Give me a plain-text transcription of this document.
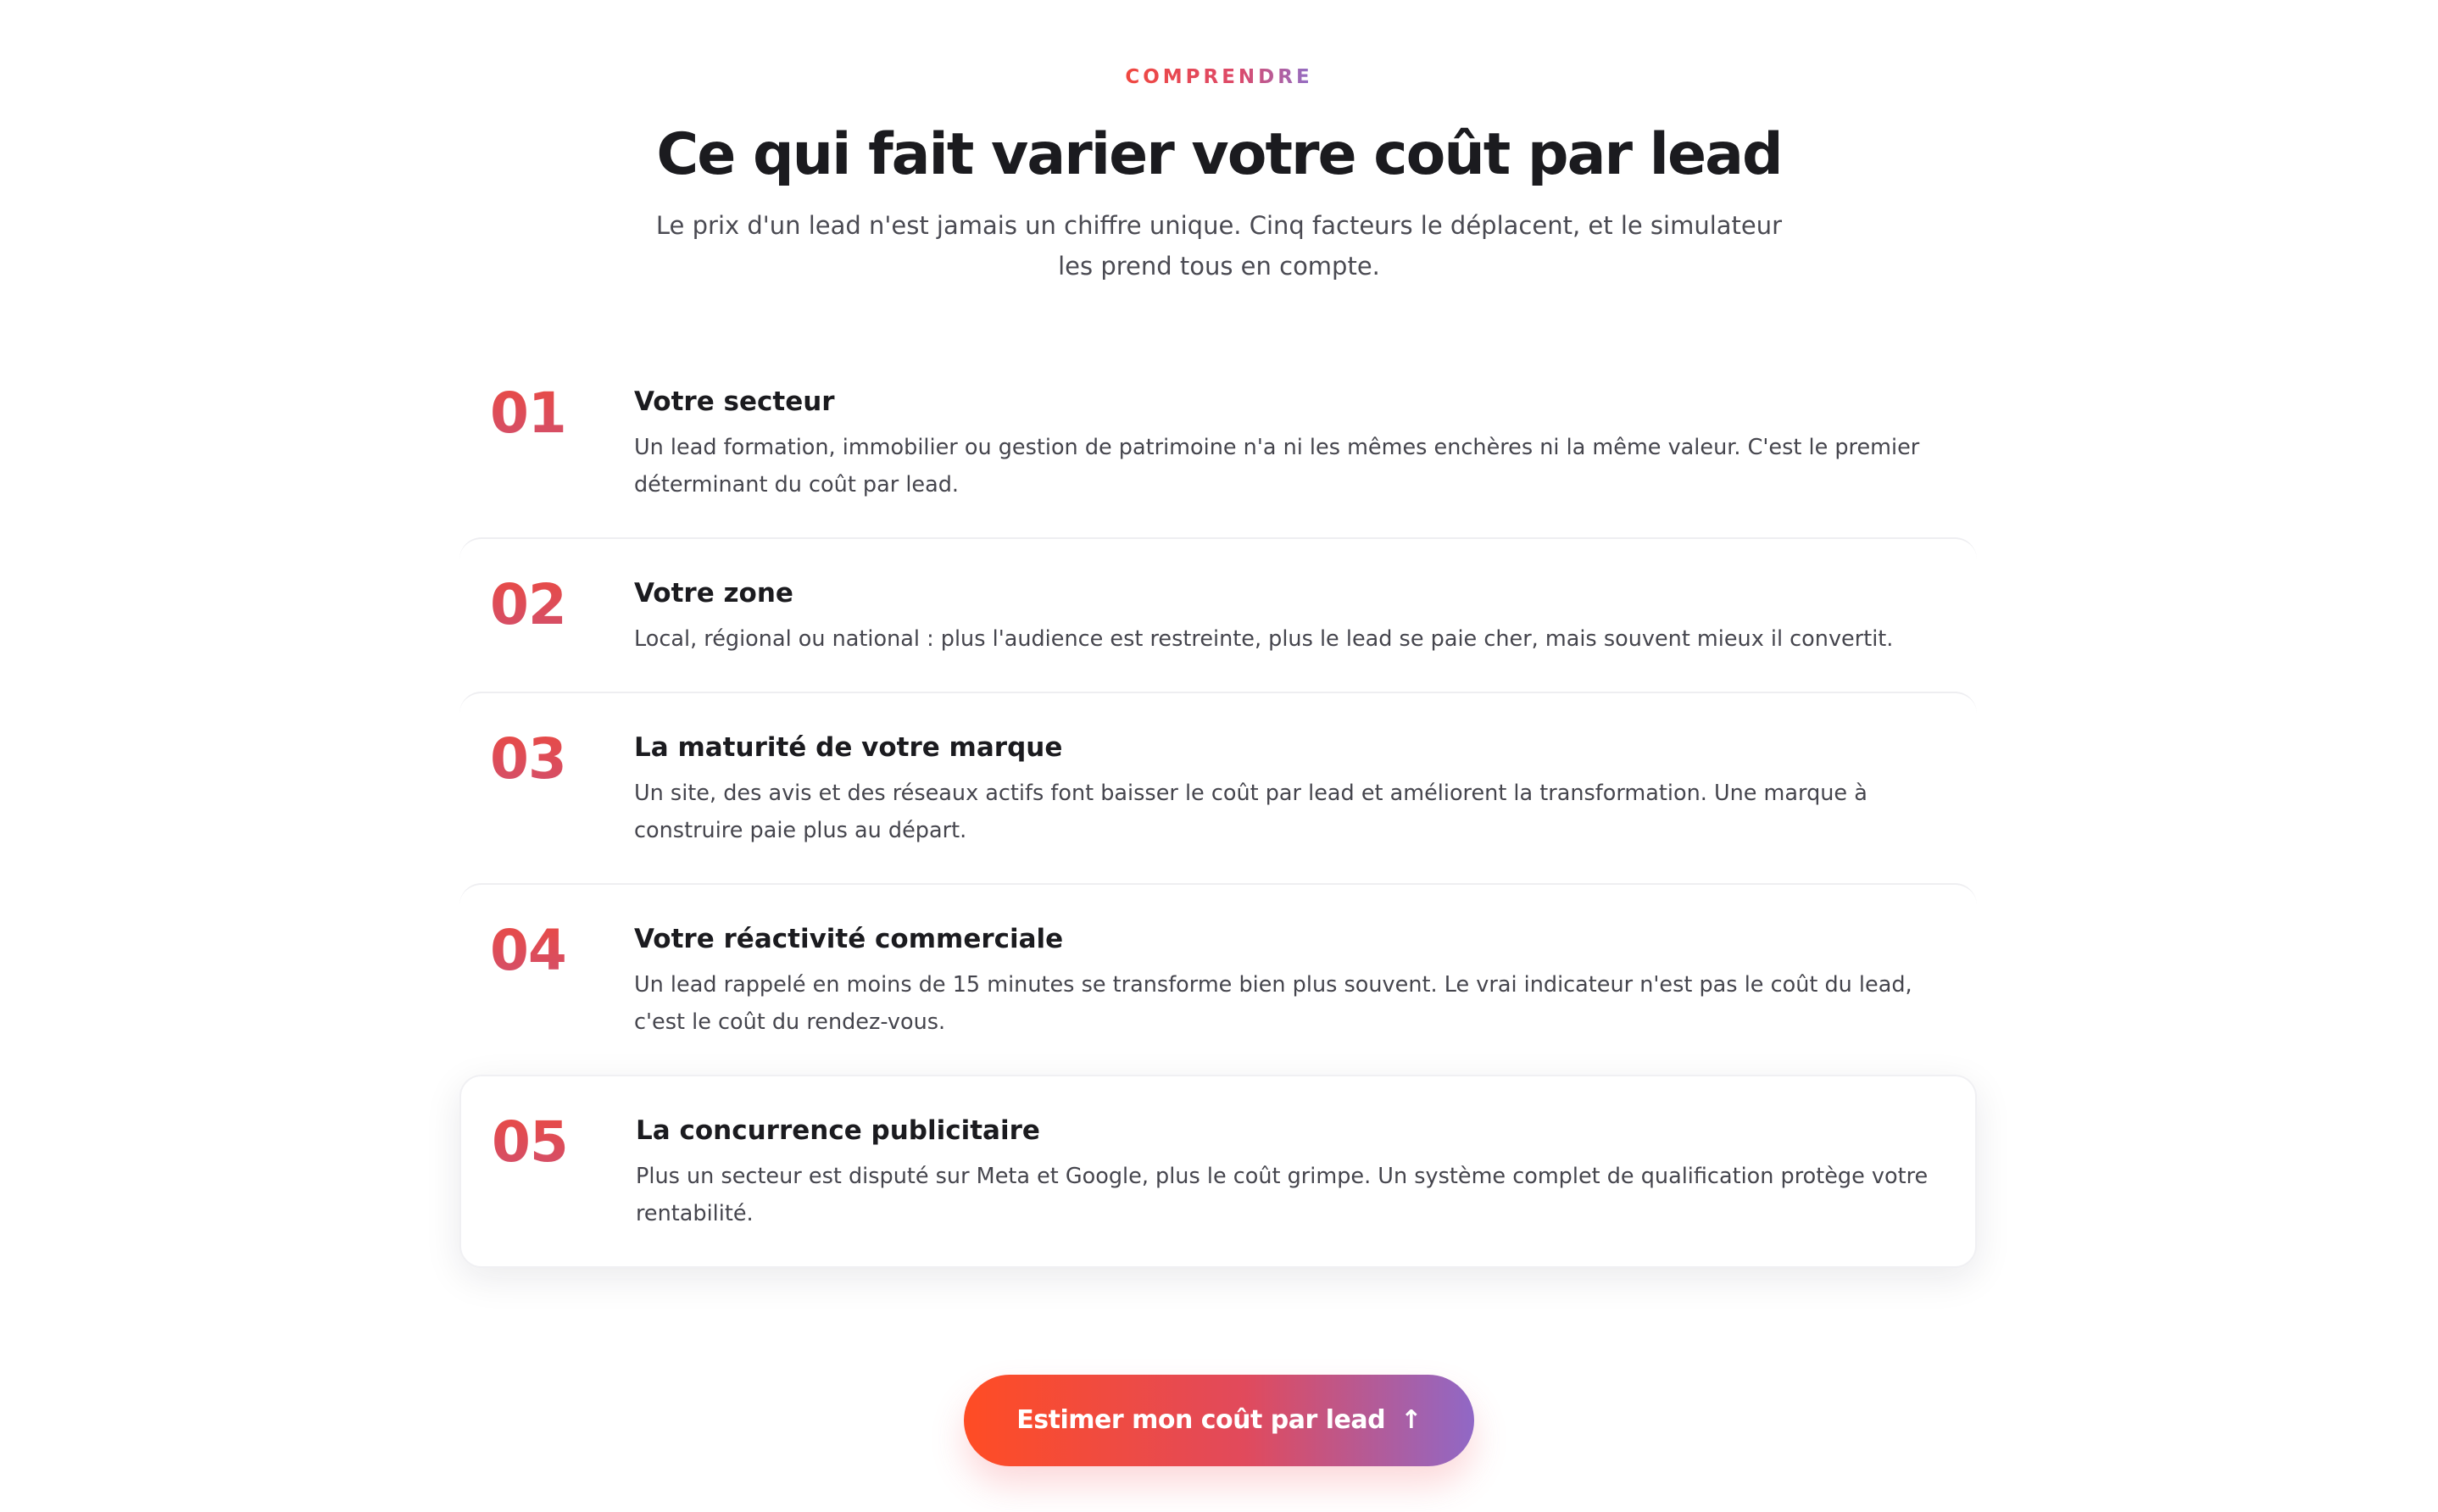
COMPRENDRE
Ce qui fait varier votre coût par lead

Le prix d'un lead n'est jamais un chiffre unique. Cinq facteurs le déplacent, et le simulateur les prend tous en compte.

01	Votre secteur

Un lead formation, immobilier ou gestion de patrimoine n'a ni les mêmes enchères ni la même valeur. C'est le premier déterminant du coût par lead.

02	Votre zone

Local, régional ou national : plus l'audience est restreinte, plus le lead se paie cher, mais souvent mieux il convertit.

03	La maturité de votre marque

Un site, des avis et des réseaux actifs font baisser le coût par lead et améliorent la transformation. Une marque à construire paie plus au départ.

04	Votre réactivité commerciale

Un lead rappelé en moins de 15 minutes se transforme bien plus souvent. Le vrai indicateur n'est pas le coût du lead, c'est le coût du rendez-vous.

05	La concurrence publicitaire

Plus un secteur est disputé sur Meta et Google, plus le coût grimpe. Un système complet de qualification protège votre rentabilité.

Estimer mon coût par lead ↑
